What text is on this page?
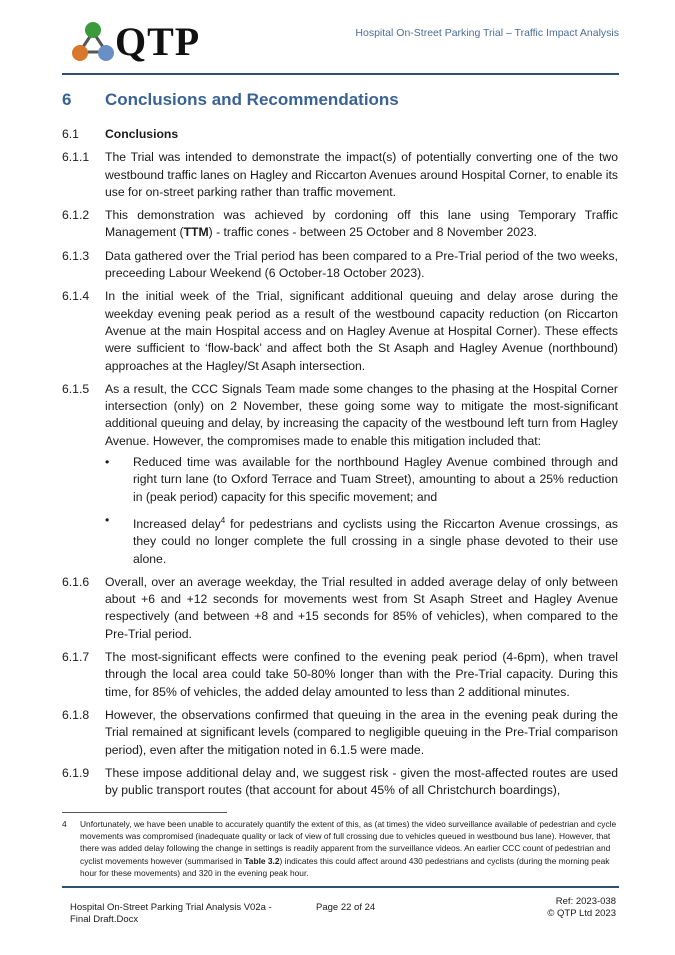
QTP	Hospital On-Street Parking Trial – Traffic Impact Analysis
6 Conclusions and Recommendations
6.1	Conclusions
6.1.1	The Trial was intended to demonstrate the impact(s) of potentially converting one of the two westbound traffic lanes on Hagley and Riccarton Avenues around Hospital Corner, to enable its use for on-street parking rather than traffic movement.
6.1.2	This demonstration was achieved by cordoning off this lane using Temporary Traffic Management (TTM) - traffic cones - between 25 October and 8 November 2023.
6.1.3	Data gathered over the Trial period has been compared to a Pre-Trial period of the two weeks, preceeding Labour Weekend (6 October-18 October 2023).
6.1.4	In the initial week of the Trial, significant additional queuing and delay arose during the weekday evening peak period as a result of the westbound capacity reduction (on Riccarton Avenue at the main Hospital access and on Hagley Avenue at Hospital Corner). These effects were sufficient to ‘flow-back’ and affect both the St Asaph and Hagley Avenue (northbound) approaches at the Hagley/St Asaph intersection.
6.1.5	As a result, the CCC Signals Team made some changes to the phasing at the Hospital Corner intersection (only) on 2 November, these going some way to mitigate the most-significant additional queuing and delay, by increasing the capacity of the westbound left turn from Hagley Avenue. However, the compromises made to enable this mitigation included that:
•	Reduced time was available for the northbound Hagley Avenue combined through and right turn lane (to Oxford Terrace and Tuam Street), amounting to about a 25% reduction in (peak period) capacity for this specific movement; and
•	Increased delay$^4$ for pedestrians and cyclists using the Riccarton Avenue crossings, as they could no longer complete the full crossing in a single phase devoted to their use alone.
6.1.6	Overall, over an average weekday, the Trial resulted in added average delay of only between about +6 and +12 seconds for movements west from St Asaph Street and Hagley Avenue respectively (and between +8 and +15 seconds for 85% of vehicles), when compared to the Pre-Trial period.
6.1.7	The most-significant effects were confined to the evening peak period (4-6pm), when travel through the local area could take 50-80% longer than with the Pre-Trial capacity. During this time, for 85% of vehicles, the added delay amounted to less than 2 additional minutes.
6.1.8	However, the observations confirmed that queuing in the area in the evening peak during the Trial remained at significant levels (compared to negligible queuing in the Pre-Trial comparison period), even after the mitigation noted in 6.1.5 were made.
6.1.9	These impose additional delay and, we suggest risk - given the most-affected routes are used by public transport routes (that account for about 45% of all Christchurch boardings),
4	Unfortunately, we have been unable to accurately quantify the extent of this, as (at times) the video surveillance available of pedestrian and cycle movements was compromised (inadequate quality or lack of view of full crossing due to vehicles queued in westbound bus lane). However, that there was added delay following the change in settings is readily apparent from the surveillance videos. An earlier CCC count of pedestrian and cyclist movements however (summarised in Table 3.2) indicates this could affect around 430 pedestrians and cyclists (during the morning peak hour for these movements) and 320 in the evening peak hour.
Hospital On-Street Parking Trial Analysis V02a -
Final Draft.Docx
Page 22 of 24
Ref: 2023-038
© QTP Ltd 2023
